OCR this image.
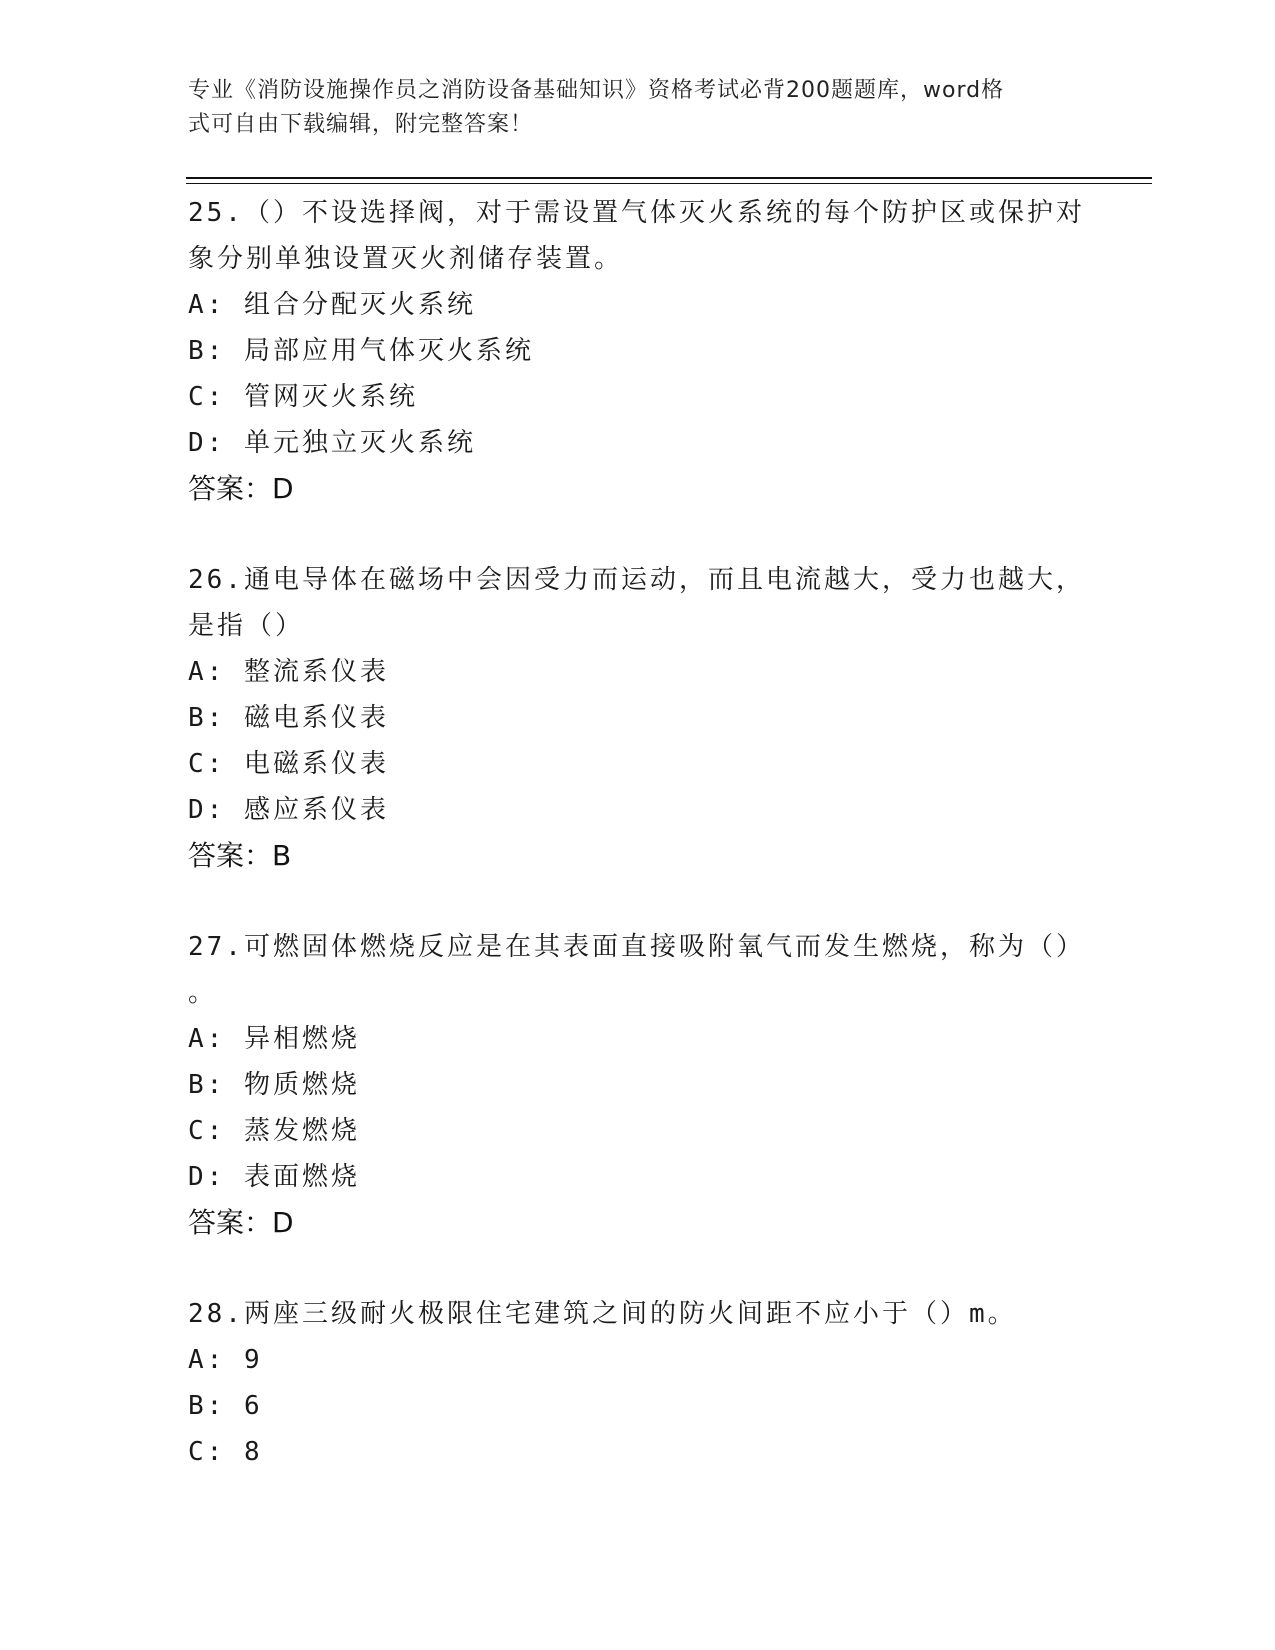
专业《消防设施操作员之消防设备基础知识》资格考试必背200题题库，word格
式可自由下载编辑，附完整答案！

25.（）不设选择阀，对于需设置气体灭火系统的每个防护区或保护对

象分别单独设置灭火剂储存装置。

A: 组合分配灭火系统

B: 局部应用气体灭火系统

C: 管网灭火系统

D: 单元独立灭火系统

答案：D

26.通电导体在磁场中会因受力而运动，而且电流越大，受力也越大，

是指（）

A: 整流系仪表

B: 磁电系仪表

C: 电磁系仪表

D: 感应系仪表

答案：B

27.可燃固体燃烧反应是在其表面直接吸附氧气而发生燃烧，称为（）

。

A: 异相燃烧

B: 物质燃烧

C: 蒸发燃烧

D: 表面燃烧

答案：D

28.两座三级耐火极限住宅建筑之间的防火间距不应小于（）m。

A: 9

B: 6

C: 8
